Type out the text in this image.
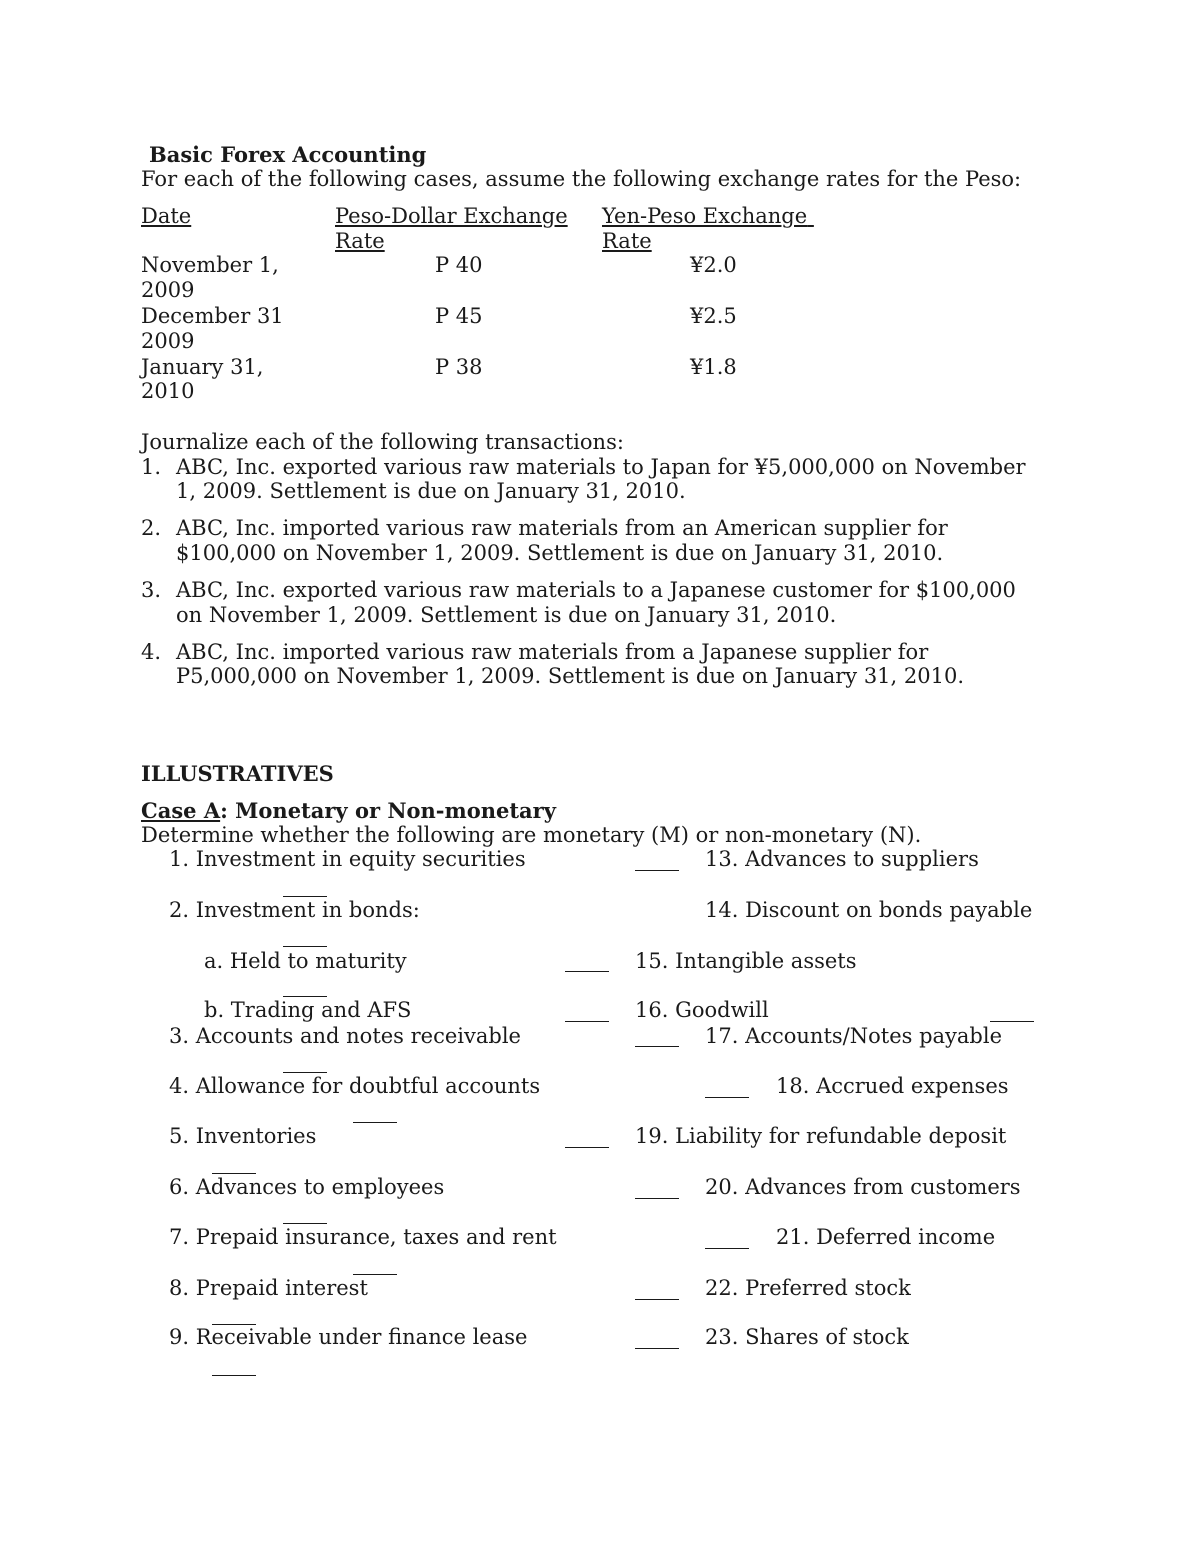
Basic Forex Accounting
For each of the following cases, assume the following exchange rates for the Peso:
Date	Peso-Dollar Exchange
Rate
Yen-Peso Exchange
Rate
November 1,
2009
P 40	¥2.0
December 31
2009
P 45	¥2.5
January 31,
2010
P 38	¥1.8
Journalize each of the following transactions:
1. ABC, Inc. exported various raw materials to Japan for ¥5,000,000 on November
1, 2009. Settlement is due on January 31, 2010.
2. ABC, Inc. imported various raw materials from an American supplier for
$100,000 on November 1, 2009. Settlement is due on January 31, 2010.
3. ABC, Inc. exported various raw materials to a Japanese customer for $100,000
on November 1, 2009. Settlement is due on January 31, 2010.
4. ABC, Inc. imported various raw materials from a Japanese supplier for
P5,000,000 on November 1, 2009. Settlement is due on January 31, 2010.
ILLUSTRATIVES
Case A: Monetary or Non-monetary
Determine whether the following are monetary (M) or non-monetary (N).
1. Investment in equity securities	13. Advances to suppliers
2. Investment in bonds:	14. Discount on bonds payable
a. Held to maturity	15. Intangible assets
b. Trading and AFS	16. Goodwill
3. Accounts and notes receivable	17. Accounts/Notes payable
4. Allowance for doubtful accounts	18. Accrued expenses
5. Inventories	19. Liability for refundable deposit
6. Advances to employees	20. Advances from customers
7. Prepaid insurance, taxes and rent	21. Deferred income
8. Prepaid interest	22. Preferred stock
9. Receivable under finance lease	23. Shares of stock
